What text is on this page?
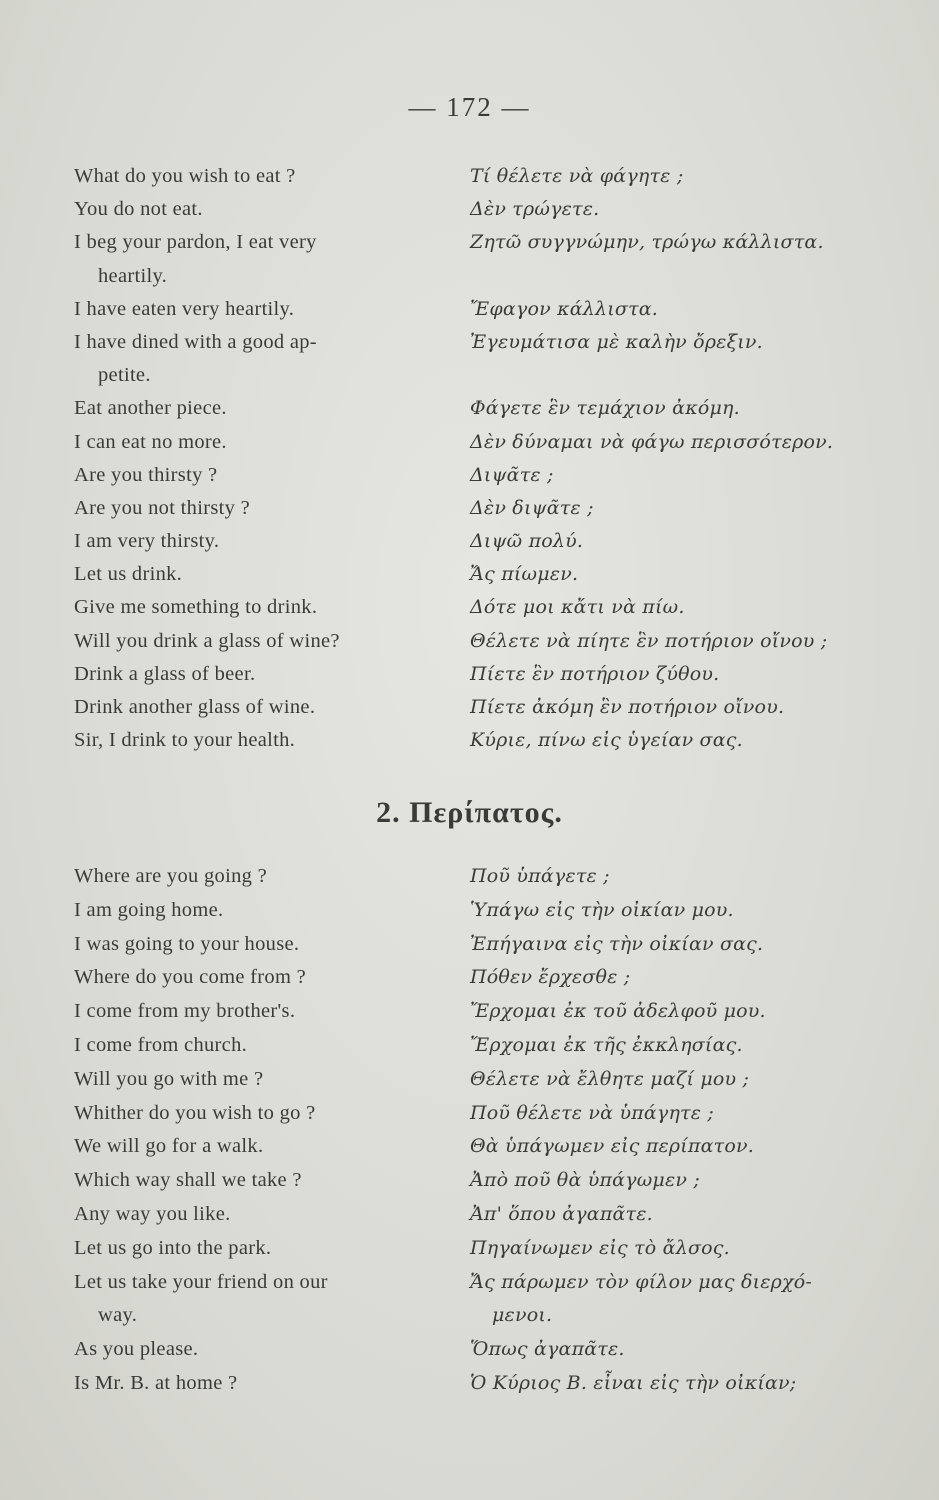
— 172 —
What do you wish to eat ?	Τί θέλετε νὰ φάγητε ;
You do not eat.	Δὲν τρώγετε.
I beg your pardon, I eat very	Ζητῶ συγγνώμην, τρώγω κάλλιστα.
heartily.
I have eaten very heartily.	Ἔφαγον κάλλιστα.
I have dined with a good ap-	Ἐγευμάτισα μὲ καλὴν ὄρεξιν.
petite.
Eat another piece.	Φάγετε ἓν τεμάχιον ἀκόμη.
I can eat no more.	Δὲν δύναμαι νὰ φάγω περισσότερον.
Are you thirsty ?	Διψᾶτε ;
Are you not thirsty ?	Δὲν διψᾶτε ;
I am very thirsty.	Διψῶ πολύ.
Let us drink.	Ἄς πίωμεν.
Give me something to drink.	Δότε μοι κἄτι νὰ πίω.
Will you drink a glass of wine?	Θέλετε νὰ πίητε ἓν ποτήριον οἴνου ;
Drink a glass of beer.	Πίετε ἓν ποτήριον ζύθου.
Drink another glass of wine.	Πίετε ἀκόμη ἓν ποτήριον οἴνου.
Sir, I drink to your health.	Κύριε, πίνω εἰς ὑγείαν σας.
2. Περίπατος.
Where are you going ?	Ποῦ ὑπάγετε ;
I am going home.	Ὑπάγω εἰς τὴν οἰκίαν μου.
I was going to your house.	Ἐπήγαινα εἰς τὴν οἰκίαν σας.
Where do you come from ?	Πόθεν ἔρχεσθε ;
I come from my brother's.	Ἔρχομαι ἐκ τοῦ ἀδελφοῦ μου.
I come from church.	Ἔρχομαι ἐκ τῆς ἐκκλησίας.
Will you go with me ?	Θέλετε νὰ ἔλθητε μαζί μου ;
Whither do you wish to go ?	Ποῦ θέλετε νὰ ὑπάγητε ;
We will go for a walk.	Θὰ ὑπάγωμεν εἰς περίπατον.
Which way shall we take ?	Ἀπὸ ποῦ θὰ ὑπάγωμεν ;
Any way you like.	Ἀπ' ὅπου ἀγαπᾶτε.
Let us go into the park.	Πηγαίνωμεν εἰς τὸ ἄλσος.
Let us take your friend on our	Ἄς πάρωμεν τὸν φίλον μας διερχό-
way.	μενοι.
As you please.	Ὅπως ἀγαπᾶτε.
Is Mr. B. at home ?	Ὁ Κύριος Β. εἶναι εἰς τὴν οἰκίαν;
